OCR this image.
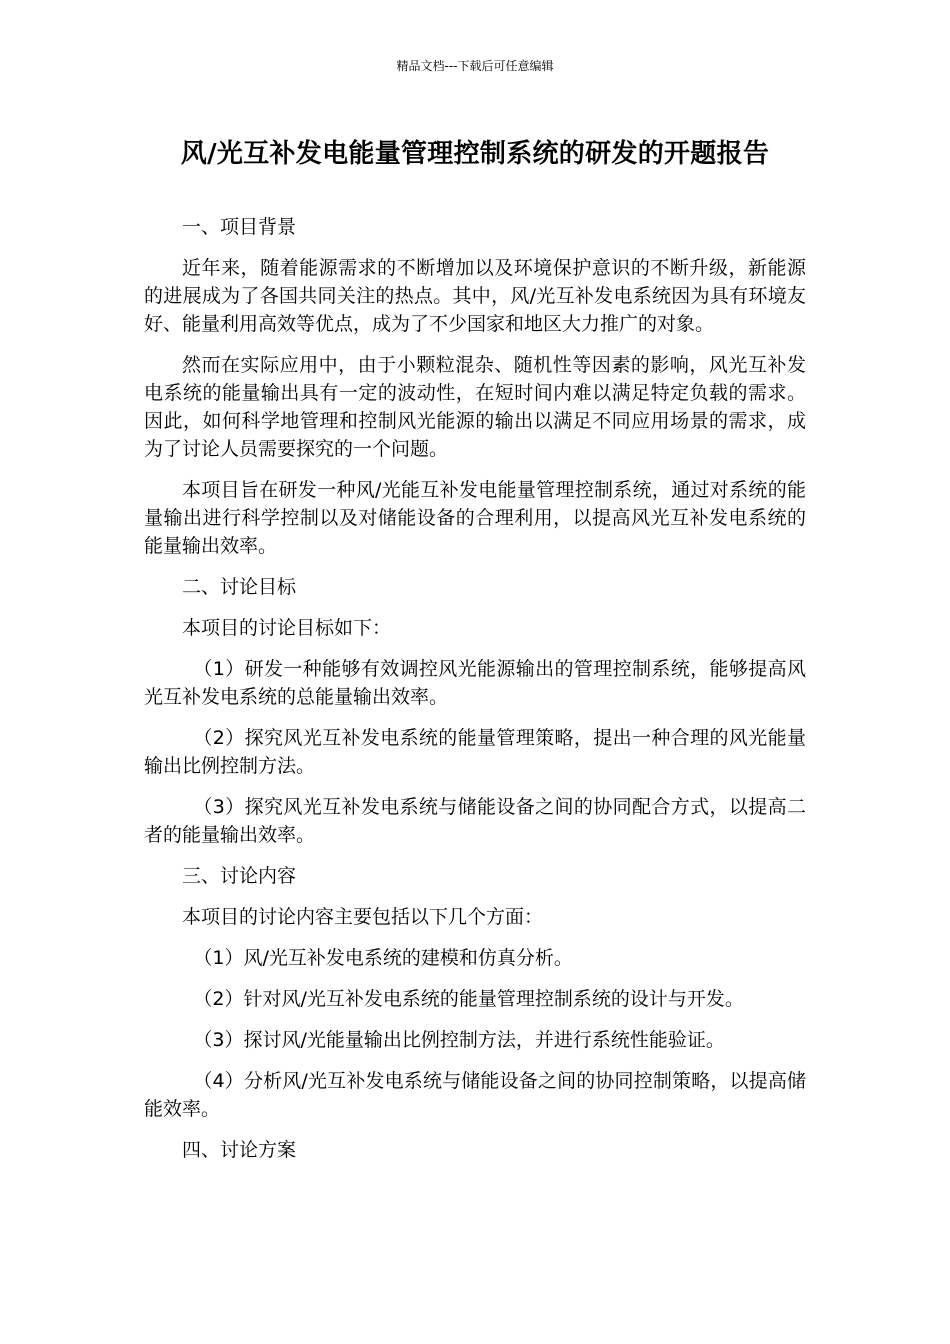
精品文档---下载后可任意编辑
风/光互补发电能量管理控制系统的研发的开题报告

一、项目背景

近年来，随着能源需求的不断增加以及环境保护意识的不断升级，新能源的进展成为了各国共同关注的热点。其中，风/光互补发电系统因为具有环境友好、能量利用高效等优点，成为了不少国家和地区大力推广的对象。

然而在实际应用中，由于小颗粒混杂、随机性等因素的影响，风光互补发电系统的能量输出具有一定的波动性，在短时间内难以满足特定负载的需求。因此，如何科学地管理和控制风光能源的输出以满足不同应用场景的需求，成为了讨论人员需要探究的一个问题。

本项目旨在研发一种风/光能互补发电能量管理控制系统，通过对系统的能量输出进行科学控制以及对储能设备的合理利用，以提高风光互补发电系统的能量输出效率。

二、讨论目标

本项目的讨论目标如下：

（1）研发一种能够有效调控风光能源输出的管理控制系统，能够提高风光互补发电系统的总能量输出效率。

（2）探究风光互补发电系统的能量管理策略，提出一种合理的风光能量输出比例控制方法。

（3）探究风光互补发电系统与储能设备之间的协同配合方式，以提高二者的能量输出效率。

三、讨论内容

本项目的讨论内容主要包括以下几个方面：

（1）风/光互补发电系统的建模和仿真分析。

（2）针对风/光互补发电系统的能量管理控制系统的设计与开发。

（3）探讨风/光能量输出比例控制方法，并进行系统性能验证。

（4）分析风/光互补发电系统与储能设备之间的协同控制策略，以提高储能效率。

四、讨论方案
